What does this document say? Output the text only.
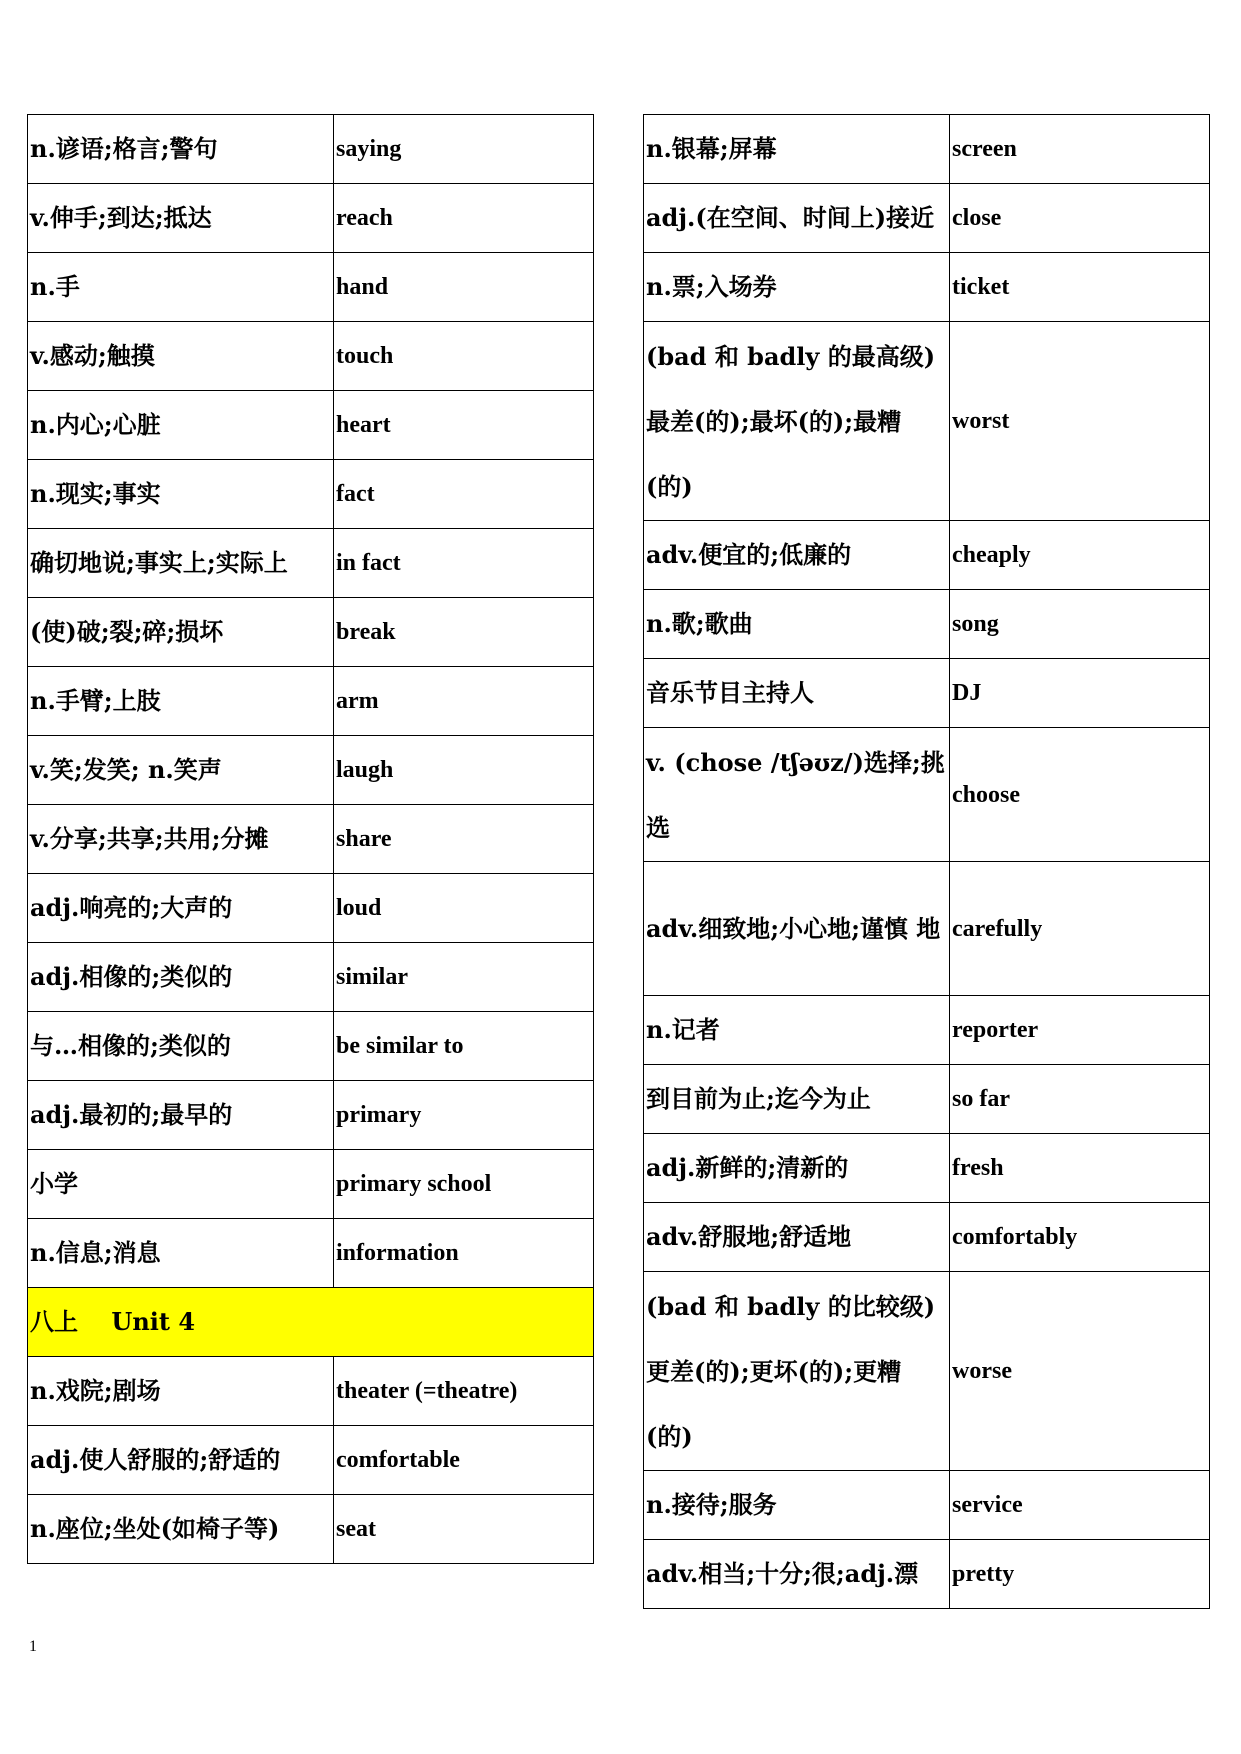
n.谚语;格言;警句	saying
v.伸手;到达;抵达	reach
n.手	hand
v.感动;触摸	touch
n.内心;心脏	heart
n.现实;事实	fact
确切地说;事实上;实际上	in fact
(使)破;裂;碎;损坏	break
n.手臂;上肢	arm
v.笑;发笑; n.笑声	laugh
v.分享;共享;共用;分摊	share
adj.响亮的;大声的	loud
adj.相像的;类似的	similar
与…相像的;类似的	be similar to
adj.最初的;最早的	primary
小学	primary school
n.信息;消息	information
八上    Unit 4	
n.戏院;剧场	theater (=theatre)
adj.使人舒服的;舒适的	comfortable
n.座位;坐处(如椅子等)	seat
n.银幕;屏幕	screen
adj.(在空间、时间上)接近	close
n.票;入场券	ticket
(bad 和 badly 的最高级) 最差(的);最坏(的);最糟 (的)	worst
adv.便宜的;低廉的	cheaply
n.歌;歌曲	song
音乐节目主持人	DJ
v. (chose /tʃəʊz/)选择;挑 选	choose
adv.细致地;小心地;谨慎 地	carefully
n.记者	reporter
到目前为止;迄今为止	so far
adj.新鲜的;清新的	fresh
adv.舒服地;舒适地	comfortably
(bad 和 badly 的比较级) 更差(的);更坏(的);更糟 (的)	worse
n.接待;服务	service
adv.相当;十分;很;adj.漂	pretty
1
